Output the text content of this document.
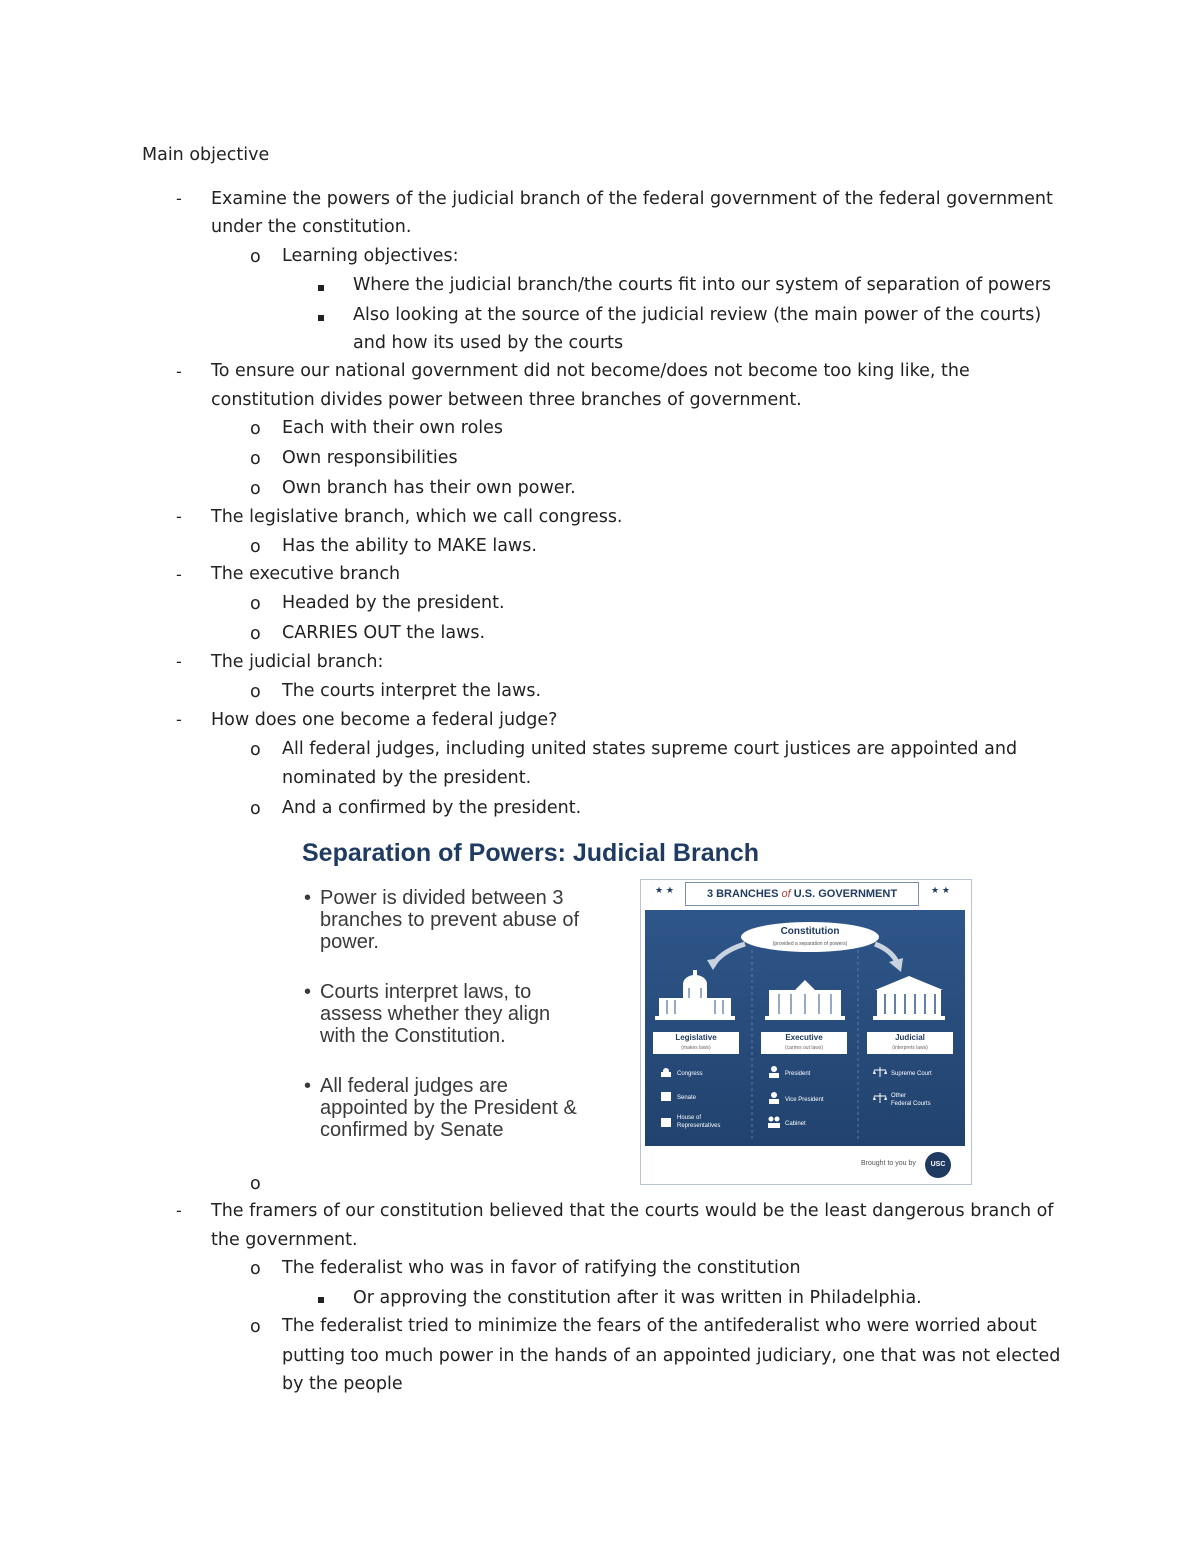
Main objective
-
o
-
o
o
o
-
o
-
o
o
-
o
-
o
o
o
-
o
o
Examine the powers of the judicial branch of the federal government of the federal government
under the constitution.
Learning objectives:
Where the judicial branch/the courts fit into our system of separation of powers
Also looking at the source of the judicial review (the main power of the courts)
and how its used by the courts
To ensure our national government did not become/does not become too king like, the
constitution divides power between three branches of government.
Each with their own roles
Own responsibilities
Own branch has their own power.
The legislative branch, which we call congress.
Has the ability to MAKE laws.
The executive branch
Headed by the president.
CARRIES OUT the laws.
The judicial branch:
The courts interpret the laws.
How does one become a federal judge?
All federal judges, including united states supreme court justices are appointed and
nominated by the president.
And a confirmed by the president.
The framers of our constitution believed that the courts would be the least dangerous branch of
the government.
The federalist who was in favor of ratifying the constitution
Or approving the constitution after it was written in Philadelphia.
The federalist tried to minimize the fears of the antifederalist who were worried about
putting too much power in the hands of an appointed judiciary, one that was not elected
by the people
Separation of Powers: Judicial Branch
• Power is divided between 3
branches to prevent abuse of
power.
• Courts interpret laws, to
assess whether they align
with the Constitution.
• All federal judges are
appointed by the President &
confirmed by Senate
★ ★	3 BRANCHES of U.S. GOVERNMENT	★ ★
Constitution
(provided a separation of powers)
Legislative
(makes laws)
Executive
(carries out laws)
Judicial
(interprets laws)
Congress
Senate
House of
Representatives
President
Vice President
Cabinet
Supreme Court
Other
Federal Courts
Brought to you by	USC
